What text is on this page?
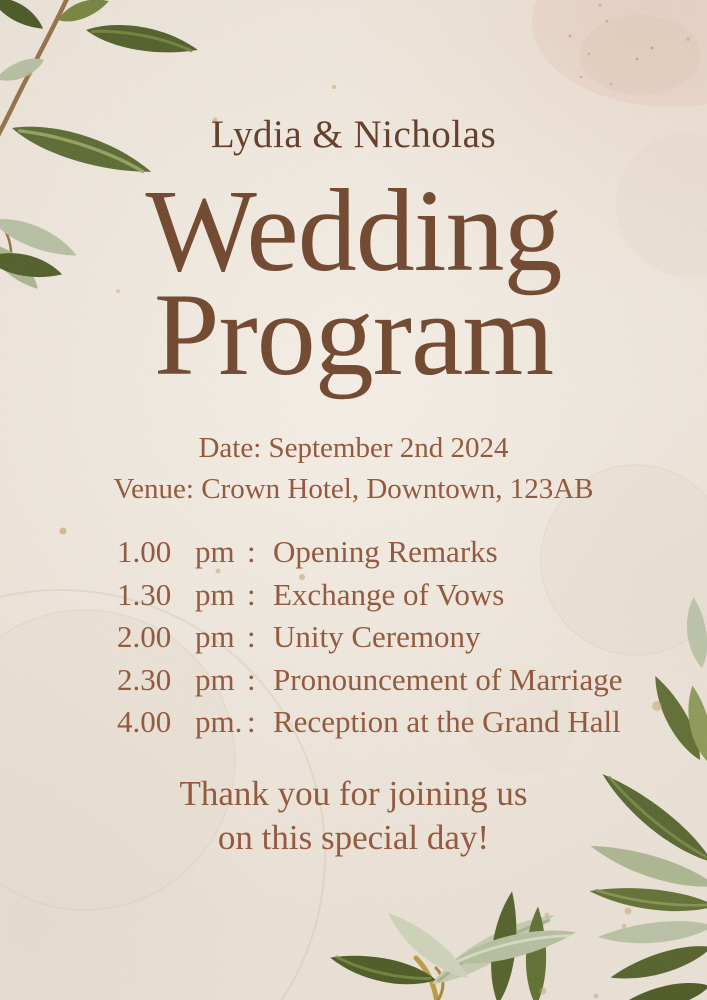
Lydia & Nicholas
Wedding
Program
Date: September 2nd 2024
Venue: Crown Hotel, Downtown, 123AB
1.00 pm : Opening Remarks
1.30 pm : Exchange of Vows
2.00 pm : Unity Ceremony
2.30 pm : Pronouncement of Marriage
4.00 pm. : Reception at the Grand Hall
Thank you for joining us
on this special day!
